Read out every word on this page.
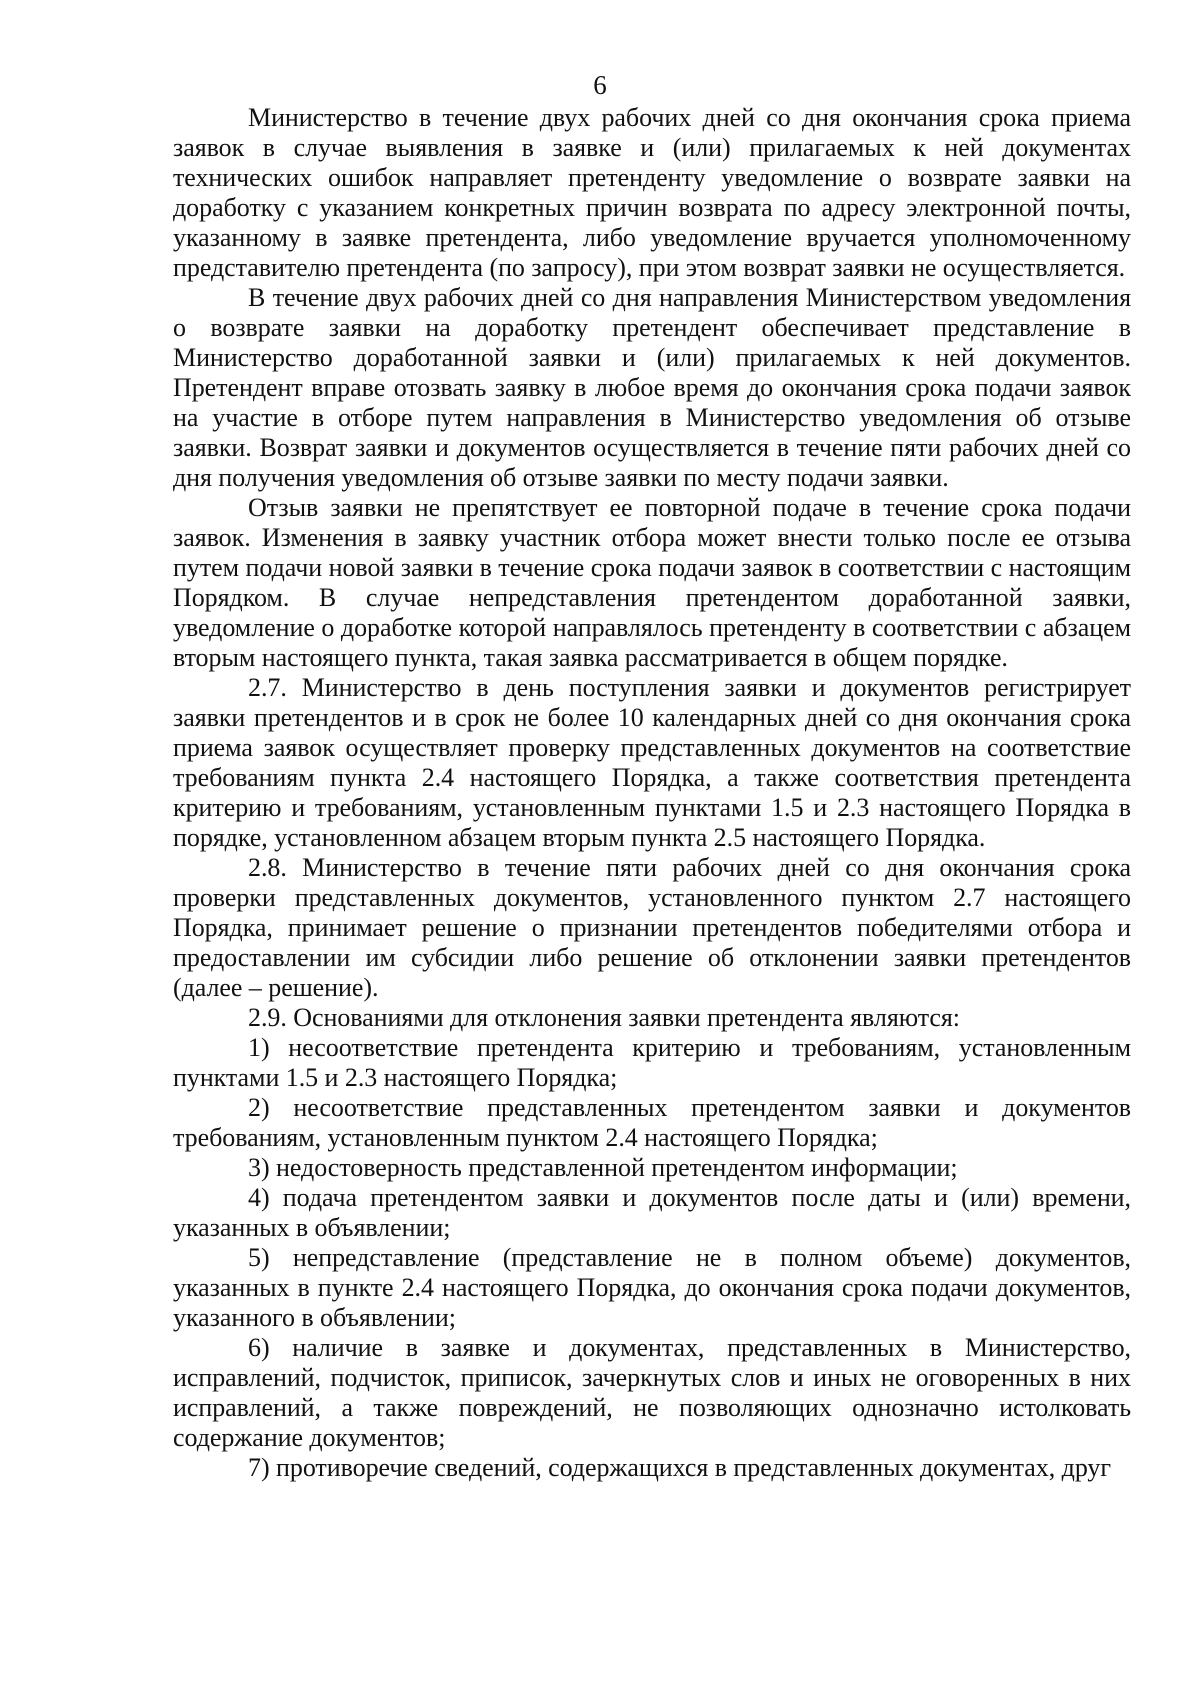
6

Министерство в течение двух рабочих дней со дня окончания срока приема заявок в случае выявления в заявке и (или) прилагаемых к ней документах технических ошибок направляет претенденту уведомление о возврате заявки на доработку с указанием конкретных причин возврата по адресу электронной почты, указанному в заявке претендента, либо уведомление вручается уполномоченному представителю претендента (по запросу), при этом возврат заявки не осуществляется.

В течение двух рабочих дней со дня направления Министерством уведомления о возврате заявки на доработку претендент обеспечивает представление в Министерство доработанной заявки и (или) прилагаемых к ней документов. Претендент вправе отозвать заявку в любое время до окончания срока подачи заявок на участие в отборе путем направления в Министерство уведомления об отзыве заявки. Возврат заявки и документов осуществляется в течение пяти рабочих дней со дня получения уведомления об отзыве заявки по месту подачи заявки.

Отзыв заявки не препятствует ее повторной подаче в течение срока подачи заявок. Изменения в заявку участник отбора может внести только после ее отзыва путем подачи новой заявки в течение срока подачи заявок в соответствии с настоящим Порядком. В случае непредставления претендентом доработанной заявки, уведомление о доработке которой направлялось претенденту в соответствии с абзацем вторым настоящего пункта, такая заявка рассматривается в общем порядке.

2.7. Министерство в день поступления заявки и документов регистрирует заявки претендентов и в срок не более 10 календарных дней со дня окончания срока приема заявок осуществляет проверку представленных документов на соответствие требованиям пункта 2.4 настоящего Порядка, а также соответствия претендента критерию и требованиям, установленным пунктами 1.5 и 2.3 настоящего Порядка в порядке, установленном абзацем вторым пункта 2.5 настоящего Порядка.

2.8. Министерство в течение пяти рабочих дней со дня окончания срока проверки представленных документов, установленного пунктом 2.7 настоящего Порядка, принимает решение о признании претендентов победителями отбора и предоставлении им субсидии либо решение об отклонении заявки претендентов (далее – решение).

2.9. Основаниями для отклонения заявки претендента являются:

1) несоответствие претендента критерию и требованиям, установленным пунктами 1.5 и 2.3 настоящего Порядка;

2) несоответствие представленных претендентом заявки и документов требованиям, установленным пунктом 2.4 настоящего Порядка;

3) недостоверность представленной претендентом информации;

4) подача претендентом заявки и документов после даты и (или) времени, указанных в объявлении;

5) непредставление (представление не в полном объеме) документов, указанных в пункте 2.4 настоящего Порядка, до окончания срока подачи документов, указанного в объявлении;

6) наличие в заявке и документах, представленных в Министерство, исправлений, подчисток, приписок, зачеркнутых слов и иных не оговоренных в них исправлений, а также повреждений, не позволяющих однозначно истолковать содержание документов;

7) противоречие сведений, содержащихся в представленных документах, друг
